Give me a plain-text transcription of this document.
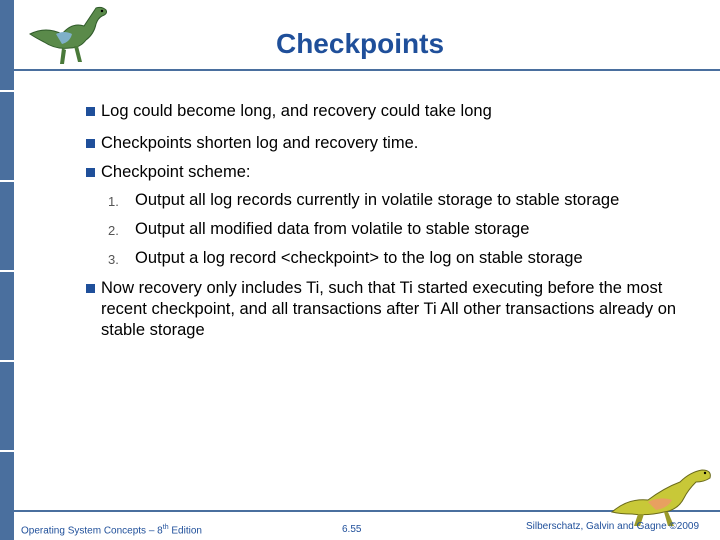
Checkpoints
Log could become long, and recovery could take long
Checkpoints shorten log and recovery time.
Checkpoint scheme:
1. Output all log records currently in volatile storage to stable storage
2. Output all modified data from volatile to stable storage
3. Output a log record <checkpoint> to the log on stable storage
Now recovery only includes Ti, such that Ti started executing before the most recent checkpoint, and all transactions after Ti All other transactions already on stable storage
Operating System Concepts – 8th Edition	6.55	Silberschatz, Galvin and Gagne ©2009
